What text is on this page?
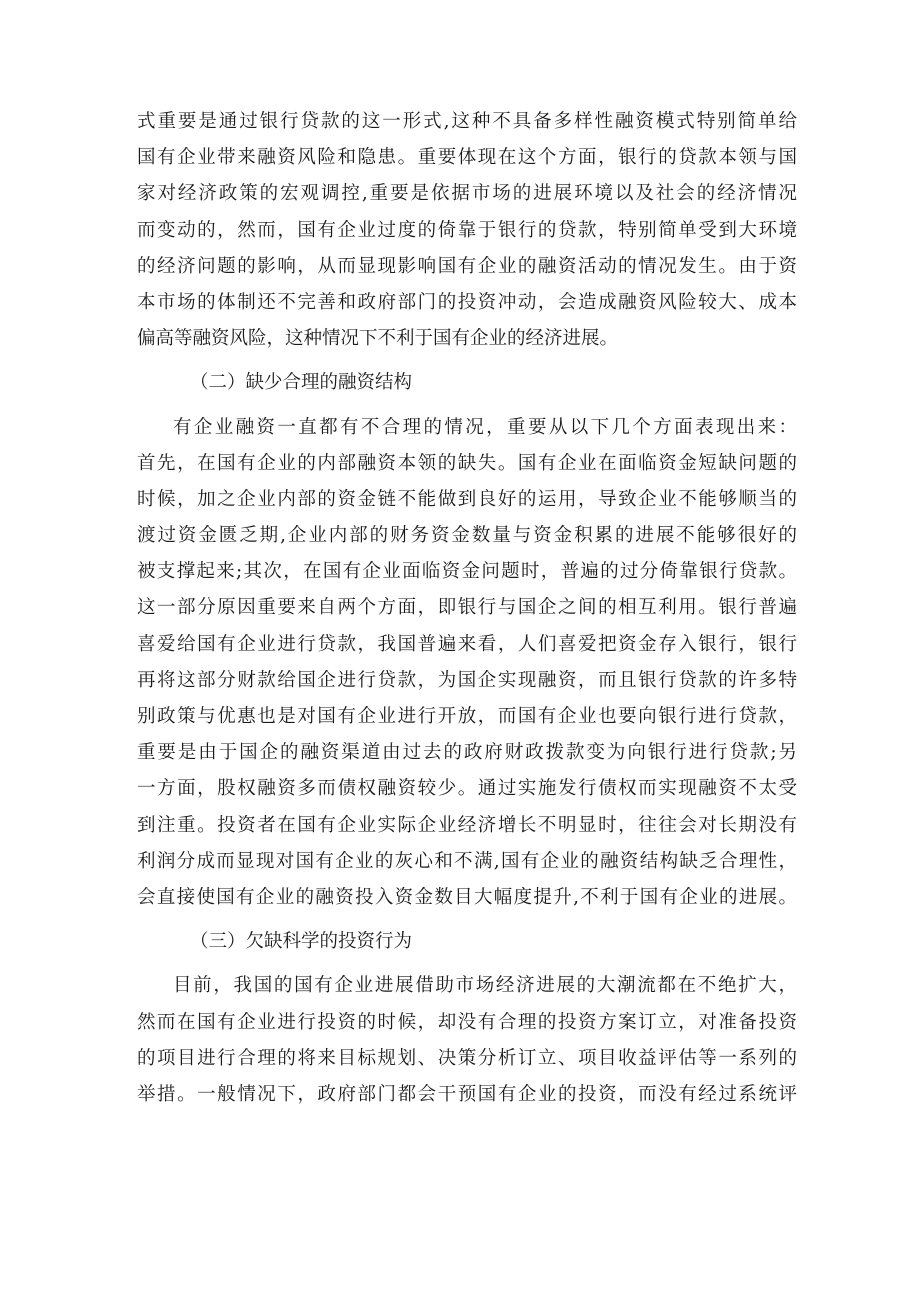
式重要是通过银行贷款的这一形式,这种不具备多样性融资模式特别简单给
国有企业带来融资风险和隐患。重要体现在这个方面，银行的贷款本领与国
家对经济政策的宏观调控,重要是依据市场的进展环境以及社会的经济情况
而变动的，然而，国有企业过度的倚靠于银行的贷款，特别简单受到大环境
的经济问题的影响，从而显现影响国有企业的融资活动的情况发生。由于资
本市场的体制还不完善和政府部门的投资冲动，会造成融资风险较大、成本
偏高等融资风险，这种情况下不利于国有企业的经济进展。
（二）缺少合理的融资结构
有企业融资一直都有不合理的情况，重要从以下几个方面表现出来：
首先，在国有企业的内部融资本领的缺失。国有企业在面临资金短缺问题的
时候，加之企业内部的资金链不能做到良好的运用，导致企业不能够顺当的
渡过资金匮乏期,企业内部的财务资金数量与资金积累的进展不能够很好的
被支撑起来;其次，在国有企业面临资金问题时，普遍的过分倚靠银行贷款。
这一部分原因重要来自两个方面，即银行与国企之间的相互利用。银行普遍
喜爱给国有企业进行贷款，我国普遍来看，人们喜爱把资金存入银行，银行
再将这部分财款给国企进行贷款，为国企实现融资，而且银行贷款的许多特
别政策与优惠也是对国有企业进行开放，而国有企业也要向银行进行贷款，
重要是由于国企的融资渠道由过去的政府财政拨款变为向银行进行贷款;另
一方面，股权融资多而债权融资较少。通过实施发行债权而实现融资不太受
到注重。投资者在国有企业实际企业经济增长不明显时，往往会对长期没有
利润分成而显现对国有企业的灰心和不满,国有企业的融资结构缺乏合理性，
会直接使国有企业的融资投入资金数目大幅度提升,不利于国有企业的进展。
（三）欠缺科学的投资行为
目前，我国的国有企业进展借助市场经济进展的大潮流都在不绝扩大，
然而在国有企业进行投资的时候，却没有合理的投资方案订立，对准备投资
的项目进行合理的将来目标规划、决策分析订立、项目收益评估等一系列的
举措。一般情况下，政府部门都会干预国有企业的投资，而没有经过系统评
